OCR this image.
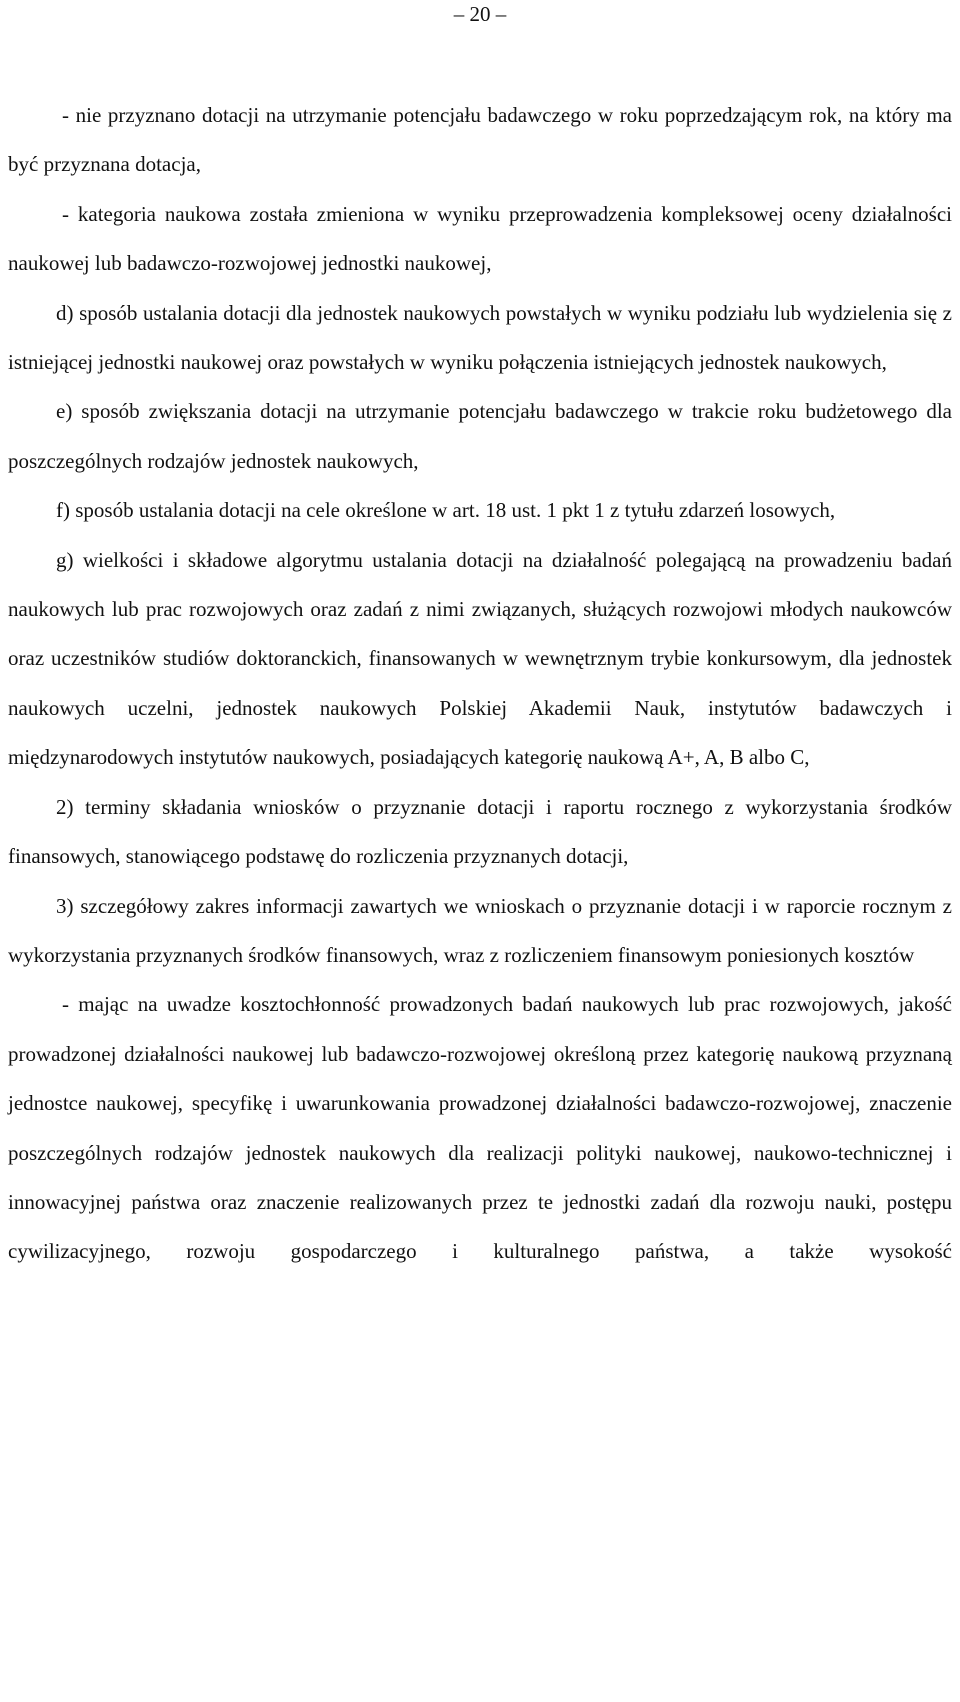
– 20 –

- nie przyznano dotacji na utrzymanie potencjału badawczego w roku poprzedzającym rok, na który ma być przyznana dotacja,

- kategoria naukowa została zmieniona w wyniku przeprowadzenia kompleksowej oceny działalności naukowej lub badawczo-rozwojowej jednostki naukowej,

d) sposób ustalania dotacji dla jednostek naukowych powstałych w wyniku podziału lub wydzielenia się z istniejącej jednostki naukowej oraz powstałych w wyniku połączenia istniejących jednostek naukowych,

e) sposób zwiększania dotacji na utrzymanie potencjału badawczego w trakcie roku budżetowego dla poszczególnych rodzajów jednostek naukowych,

f) sposób ustalania dotacji na cele określone w art. 18 ust. 1 pkt 1 z tytułu zdarzeń losowych,

g) wielkości i składowe algorytmu ustalania dotacji na działalność polegającą na prowadzeniu badań naukowych lub prac rozwojowych oraz zadań z nimi związanych, służących rozwojowi młodych naukowców oraz uczestników studiów doktoranckich, finansowanych w wewnętrznym trybie konkursowym, dla jednostek naukowych uczelni, jednostek naukowych Polskiej Akademii Nauk, instytutów badawczych i międzynarodowych instytutów naukowych, posiadających kategorię naukową A+, A, B albo C,

2) terminy składania wniosków o przyznanie dotacji i raportu rocznego z wykorzystania środków finansowych, stanowiącego podstawę do rozliczenia przyznanych dotacji,

3) szczegółowy zakres informacji zawartych we wnioskach o przyznanie dotacji i w raporcie rocznym z wykorzystania przyznanych środków finansowych, wraz z rozliczeniem finansowym poniesionych kosztów

- mając na uwadze kosztochłonność prowadzonych badań naukowych lub prac rozwojowych, jakość prowadzonej działalności naukowej lub badawczo-rozwojowej określoną przez kategorię naukową przyznaną jednostce naukowej, specyfikę i uwarunkowania prowadzonej działalności badawczo-rozwojowej, znaczenie poszczególnych rodzajów jednostek naukowych dla realizacji polityki naukowej, naukowo-technicznej i innowacyjnej państwa oraz znaczenie realizowanych przez te jednostki zadań dla rozwoju nauki, postępu cywilizacyjnego, rozwoju gospodarczego i kulturalnego państwa, a także wysokość
